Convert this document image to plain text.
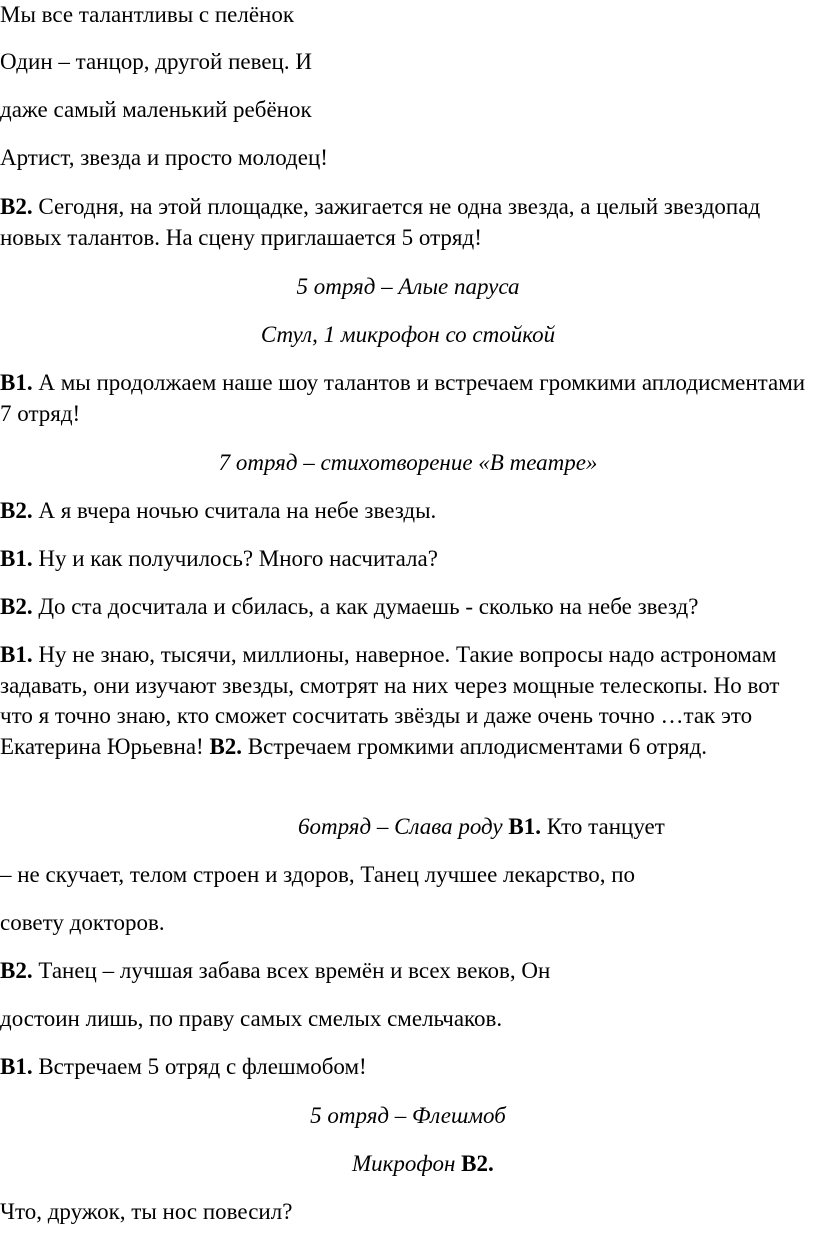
Мы все талантливы с пелёнок
Один – танцор, другой певец. И
даже самый маленький ребёнок
Артист, звезда и просто молодец!
В2. Сегодня, на этой площадке, зажигается не одна звезда, а целый звездопад новых талантов. На сцену приглашается 5 отряд!
5 отряд – Алые паруса
Стул, 1 микрофон со стойкой
В1. А мы продолжаем наше шоу талантов и встречаем громкими аплодисментами 7 отряд!
7 отряд – стихотворение «В театре»
В2. А я вчера ночью считала на небе звезды.
В1. Ну и как получилось? Много насчитала?
В2. До ста досчитала и сбилась, а как думаешь - сколько на небе звезд?
В1. Ну не знаю, тысячи, миллионы, наверное. Такие вопросы надо астрономам задавать, они изучают звезды, смотрят на них через мощные телескопы. Но вот что я точно знаю, кто сможет сосчитать звёзды и даже очень точно …так это Екатерина Юрьевна! В2. Встречаем громкими аплодисментами 6 отряд.
6отряд – Слава роду В1. Кто танцует
– не скучает, телом строен и здоров, Танец лучшее лекарство, по
совету докторов.
В2. Танец – лучшая забава всех времён и всех веков, Он
достоин лишь, по праву самых смелых смельчаков.
В1. Встречаем 5 отряд с флешмобом!
5 отряд – Флешмоб
Микрофон В2.
Что, дружок, ты нос повесил?
